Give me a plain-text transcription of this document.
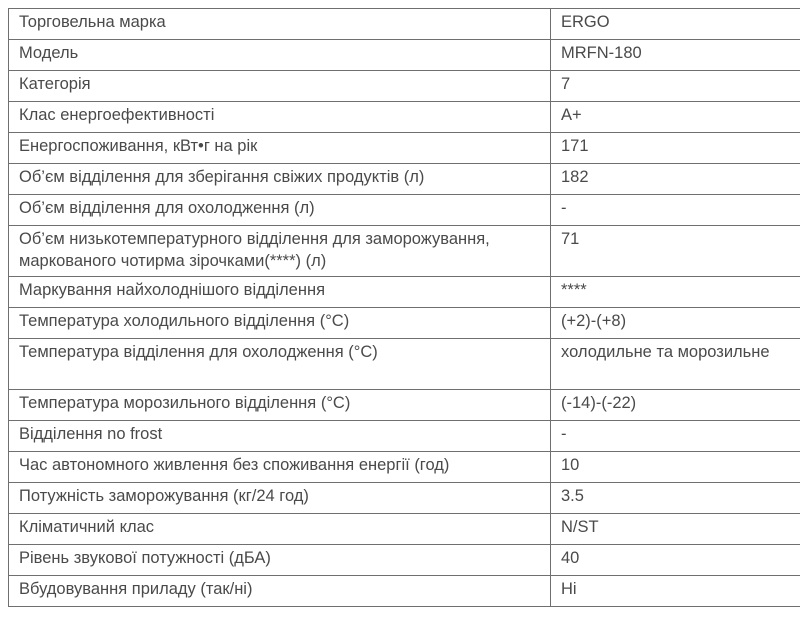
Торговельна марка	ERGO
Модель	MRFN-180
Категорія	7
Клас енергоефективності	A+
Енергоспоживання, кВт•г на рік	171
Об’єм відділення для зберігання свіжих продуктів (л)	182
Об’єм відділення для охолодження (л)	-
Об’єм низькотемпературного відділення для заморожування, маркованого чотирма зірочками(****) (л)	71
Маркування найхолоднішого відділення	****
Температура холодильного відділення (°C)	(+2)-(+8)
Температура відділення для охолодження (°C)	холодильне та морозильне
Температура морозильного відділення (°C)	(-14)-(-22)
Відділення no frost	-
Час автономного живлення без споживання енергії (год)	10
Потужність заморожування (кг/24 год)	3.5
Кліматичний клас	N/ST
Рівень звукової потужності (дБА)	40
Вбудовування приладу (так/ні)	Ні
